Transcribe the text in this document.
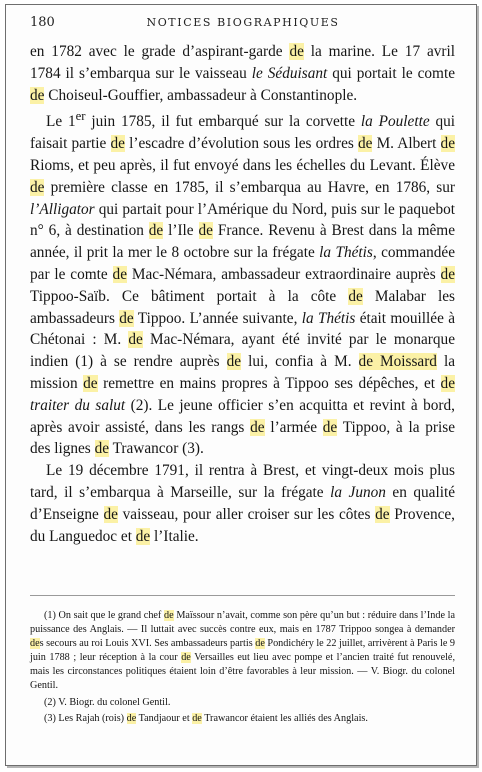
180	NOTICES BIOGRAPHIQUES

en 1782 avec le grade d’aspirant-garde de la marine. Le 17 avril 1784 il s’embarqua sur le vaisseau le Séduisant qui portait le comte de Choiseul-Gouffier, ambassadeur à Constantinople.

Le 1er juin 1785, il fut embarqué sur la corvette la Poulette qui faisait partie de l’escadre d’évolution sous les ordres de M. Albert de Rioms, et peu après, il fut envoyé dans les échelles du Levant. Élève de première classe en 1785, il s’embarqua au Havre, en 1786, sur l’Alligator qui partait pour l’Amérique du Nord, puis sur le paquebot n° 6, à destination de l’Ile de France. Revenu à Brest dans la même année, il prit la mer le 8 octobre sur la frégate la Thétis, commandée par le comte de Mac-Némara, ambassadeur extraordinaire auprès de Tippoo-Saïb. Ce bâtiment portait à la côte de Malabar les ambassadeurs de Tippoo. L’année suivante, la Thétis était mouillée à Chétonai : M. de Mac-Némara, ayant été invité par le monarque indien (1) à se rendre auprès de lui, confia à M. de Moissard la mission de remettre en mains propres à Tippoo ses dépêches, et de traiter du salut (2). Le jeune officier s’en acquitta et revint à bord, après avoir assisté, dans les rangs de l’armée de Tippoo, à la prise des lignes de Trawancor (3).

Le 19 décembre 1791, il rentra à Brest, et vingt-deux mois plus tard, il s’embarqua à Marseille, sur la frégate la Junon en qualité d’Enseigne de vaisseau, pour aller croiser sur les côtes de Provence, du Languedoc et de l’Italie.

(1) On sait que le grand chef de Maïssour n’avait, comme son père qu’un but : réduire dans l’Inde la puissance des Anglais. — Il luttait avec succès contre eux, mais en 1787 Trippoo songea à demander des secours au roi Louis XVI. Ses ambassadeurs partis de Pondichéry le 22 juillet, arrivèrent à Paris le 9 juin 1788 ; leur réception à la cour de Versailles eut lieu avec pompe et l’ancien traité fut renouvelé, mais les circonstances politiques étaient loin d’être favorables à leur mission. — V. Biogr. du colonel Gentil.

(2) V. Biogr. du colonel Gentil.

(3) Les Rajah (rois) de Tandjaour et de Trawancor étaient les alliés des Anglais.
